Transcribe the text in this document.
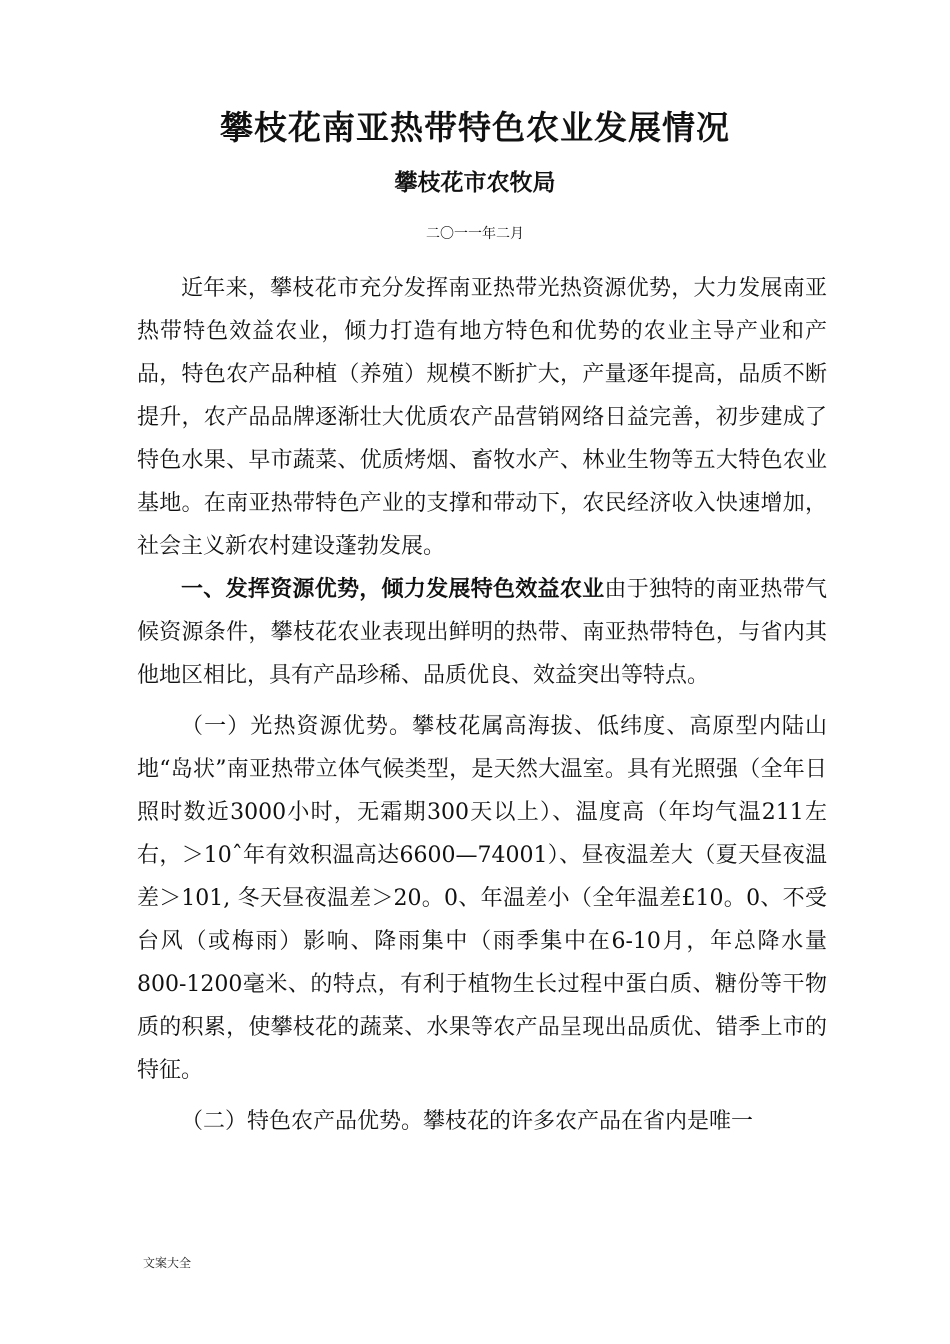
攀枝花南亚热带特色农业发展情况
攀枝花市农牧局
二〇一一年二月

近年来，攀枝花市充分发挥南亚热带光热资源优势，大力发展南亚热带特色效益农业，倾力打造有地方特色和优势的农业主导产业和产品，特色农产品种植（养殖）规模不断扩大，产量逐年提高，品质不断提升，农产品品牌逐渐壮大优质农产品营销网络日益完善，初步建成了特色水果、早市蔬菜、优质烤烟、畜牧水产、林业生物等五大特色农业基地。在南亚热带特色产业的支撑和带动下，农民经济收入快速增加，社会主义新农村建设蓬勃发展。

一、发挥资源优势，倾力发展特色效益农业由于独特的南亚热带气候资源条件，攀枝花农业表现出鲜明的热带、南亚热带特色，与省内其他地区相比，具有产品珍稀、品质优良、效益突出等特点。

（一）光热资源优势。攀枝花属高海拔、低纬度、高原型内陆山地“岛状”南亚热带立体气候类型，是天然大温室。具有光照强（全年日照时数近3000小时，无霜期300天以上）、温度高（年均气温211左右，＞10ˆ年有效积温高达6600—74001）、昼夜温差大（夏天昼夜温差＞101, 冬天昼夜温差＞20。0、年温差小（全年温差£10。0、不受台风（或梅雨）影响、降雨集中（雨季集中在6-10月，年总降水量800-1200毫米、的特点，有利于植物生长过程中蛋白质、糖份等干物质的积累，使攀枝花的蔬菜、水果等农产品呈现出品质优、错季上市的特征。

（二）特色农产品优势。攀枝花的许多农产品在省内是唯一

文案大全
